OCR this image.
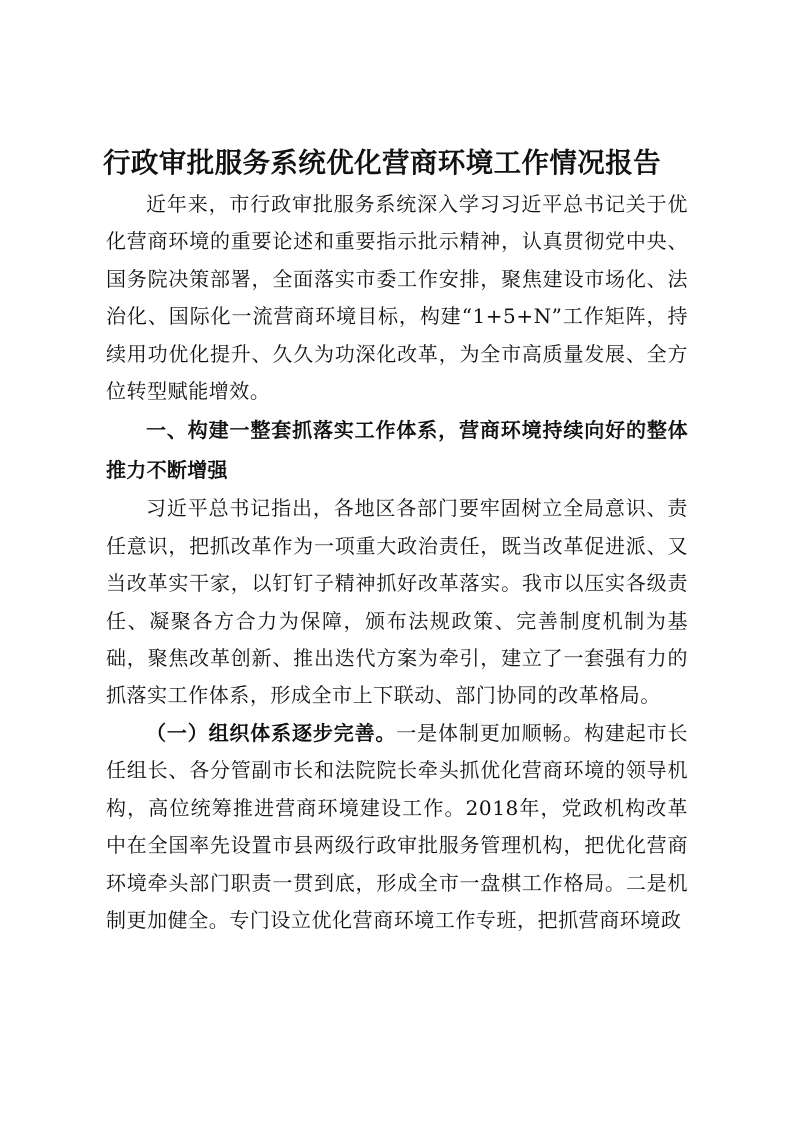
行政审批服务系统优化营商环境工作情况报告

近年来，市行政审批服务系统深入学习习近平总书记关于优化营商环境的重要论述和重要指示批示精神，认真贯彻党中央、国务院决策部署，全面落实市委工作安排，聚焦建设市场化、法治化、国际化一流营商环境目标，构建“1+5+N”工作矩阵，持续用功优化提升、久久为功深化改革，为全市高质量发展、全方位转型赋能增效。

一、构建一整套抓落实工作体系，营商环境持续向好的整体推力不断增强

习近平总书记指出，各地区各部门要牢固树立全局意识、责任意识，把抓改革作为一项重大政治责任，既当改革促进派、又当改革实干家，以钉钉子精神抓好改革落实。我市以压实各级责任、凝聚各方合力为保障，颁布法规政策、完善制度机制为基础，聚焦改革创新、推出迭代方案为牵引，建立了一套强有力的抓落实工作体系，形成全市上下联动、部门协同的改革格局。

（一）组织体系逐步完善。一是体制更加顺畅。构建起市长任组长、各分管副市长和法院院长牵头抓优化营商环境的领导机构，高位统筹推进营商环境建设工作。2018年，党政机构改革中在全国率先设置市县两级行政审批服务管理机构，把优化营商环境牵头部门职责一贯到底，形成全市一盘棋工作格局。二是机制更加健全。专门设立优化营商环境工作专班，把抓营商环境政
